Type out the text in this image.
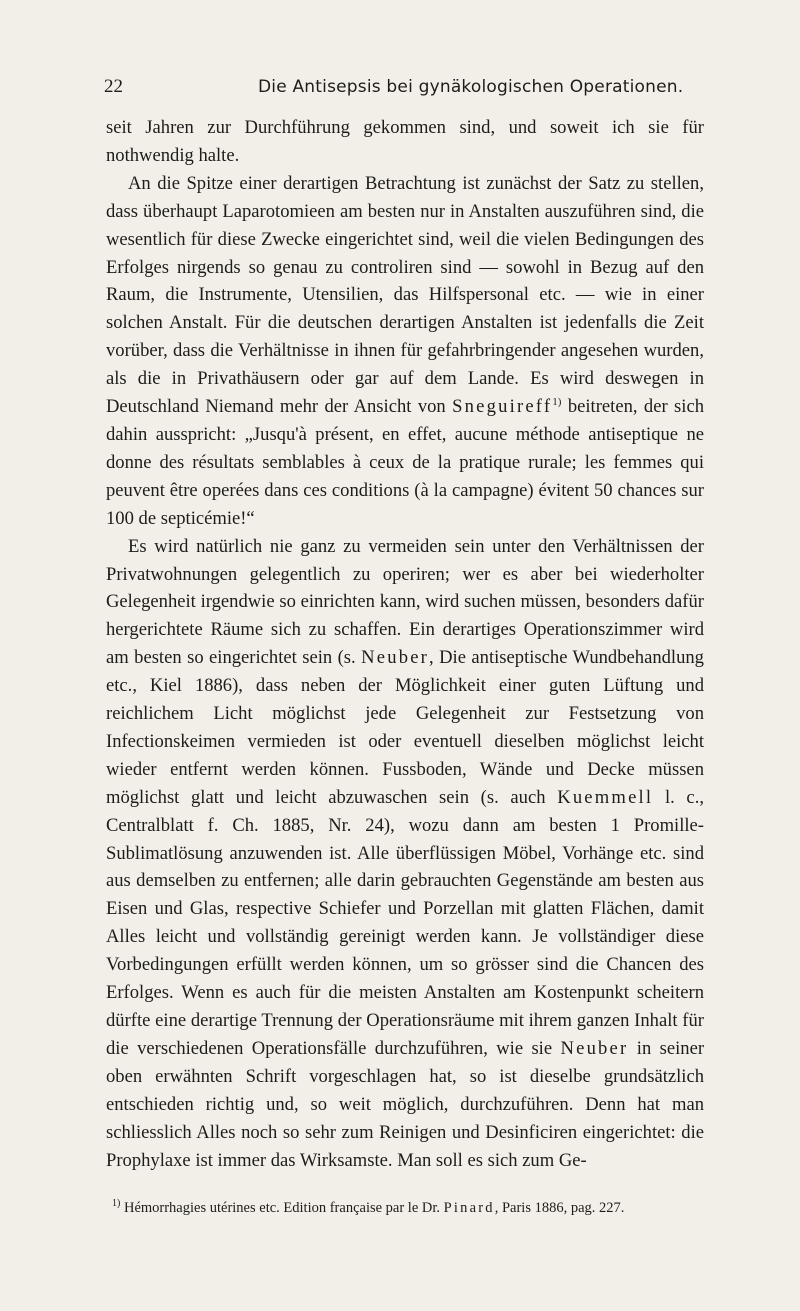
22	Die Antisepsis bei gynäkologischen Operationen.

seit Jahren zur Durchführung gekommen sind, und soweit ich sie für nothwendig halte.

An die Spitze einer derartigen Betrachtung ist zunächst der Satz zu stellen, dass überhaupt Laparotomieen am besten nur in Anstalten auszuführen sind, die wesentlich für diese Zwecke eingerichtet sind, weil die vielen Bedingungen des Erfolges nirgends so genau zu controliren sind — sowohl in Bezug auf den Raum, die Instrumente, Utensilien, das Hilfspersonal etc. — wie in einer solchen Anstalt. Für die deutschen derartigen Anstalten ist jedenfalls die Zeit vorüber, dass die Verhältnisse in ihnen für gefahrbringender angesehen wurden, als die in Privathäusern oder gar auf dem Lande. Es wird deswegen in Deutschland Niemand mehr der Ansicht von Sneguireff$^{1)}$ beitreten, der sich dahin ausspricht: „Jusqu'à présent, en effet, aucune méthode antiseptique ne donne des résultats semblables à ceux de la pratique rurale; les femmes qui peuvent être operées dans ces conditions (à la campagne) évitent 50 chances sur 100 de septicémie!“

Es wird natürlich nie ganz zu vermeiden sein unter den Verhältnissen der Privatwohnungen gelegentlich zu operiren; wer es aber bei wiederholter Gelegenheit irgendwie so einrichten kann, wird suchen müssen, besonders dafür hergerichtete Räume sich zu schaffen. Ein derartiges Operationszimmer wird am besten so eingerichtet sein (s. Neuber, Die antiseptische Wundbehandlung etc., Kiel 1886), dass neben der Möglichkeit einer guten Lüftung und reichlichem Licht möglichst jede Gelegenheit zur Festsetzung von Infectionskeimen vermieden ist oder eventuell dieselben möglichst leicht wieder entfernt werden können. Fussboden, Wände und Decke müssen möglichst glatt und leicht abzuwaschen sein (s. auch Kuemmell l. c., Centralblatt f. Ch. 1885, Nr. 24), wozu dann am besten 1 Promille-Sublimatlösung anzuwenden ist. Alle überflüssigen Möbel, Vorhänge etc. sind aus demselben zu entfernen; alle darin gebrauchten Gegenstände am besten aus Eisen und Glas, respective Schiefer und Porzellan mit glatten Flächen, damit Alles leicht und vollständig gereinigt werden kann. Je vollständiger diese Vorbedingungen erfüllt werden können, um so grösser sind die Chancen des Erfolges. Wenn es auch für die meisten Anstalten am Kostenpunkt scheitern dürfte eine derartige Trennung der Operationsräume mit ihrem ganzen Inhalt für die verschiedenen Operationsfälle durchzuführen, wie sie Neuber in seiner oben erwähnten Schrift vorgeschlagen hat, so ist dieselbe grundsätzlich entschieden richtig und, so weit möglich, durchzuführen. Denn hat man schliesslich Alles noch so sehr zum Reinigen und Desinficiren eingerichtet: die Prophylaxe ist immer das Wirksamste. Man soll es sich zum Ge-

$^{1)}$ Hémorrhagies utérines etc. Edition française par le Dr. Pinard, Paris 1886, pag. 227.
